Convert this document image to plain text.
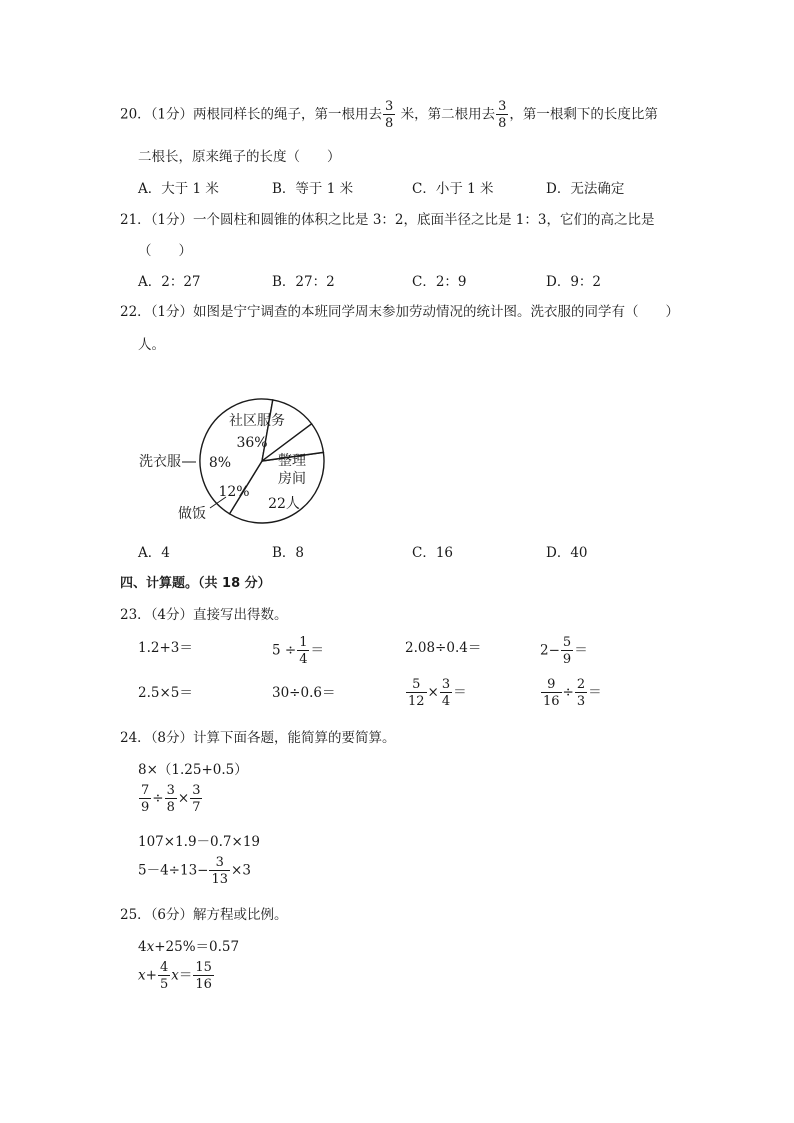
20．（1分）两根同样长的绳子，第一根用去 $\frac{3}{8}$ 米，第二根用去 $\frac{3}{8}$ ，第一根剩下的长度比第
二根长，原来绳子的长度（　　）
A．大于 1 米	B．等于 1 米	C．小于 1 米	D．无法确定
21．（1分）一个圆柱和圆锥的体积之比是 3：2，底面半径之比是 1：3，它们的高之比是
（　　）
A．2：27	B．27：2	C．2：9	D．9：2
22．（1分）如图是宁宁调查的本班同学周末参加劳动情况的统计图。洗衣服的同学有（　　）
人。
社区服务
36%
整理
房间
22人
12%
做饭
8%
洗衣服
A．4	B．8	C．16	D．40
四、计算题。（共 18 分）
23．（4分）直接写出得数。
1.2+3＝	$5 \div \frac{1}{4}$ ＝	2.08÷0.4＝	$2- \frac{5}{9}$ ＝
2.5×5＝	30÷0.6＝	$\frac{5}{12} \times \frac{3}{4}$ ＝	$\frac{9}{16} \div \frac{2}{3}$ ＝
24．（8分）计算下面各题，能简算的要简算。
8×（1.25+0.5）
$\frac{7}{9} \div \frac{3}{8} \times \frac{3}{7}$
107×1.9－0.7×19
$5-4\div 13- \frac{3}{13} \times 3$
25．（6分）解方程或比例。
4x+25%＝0.57
$x+ \frac{4}{5} x= \frac{15}{16}$
